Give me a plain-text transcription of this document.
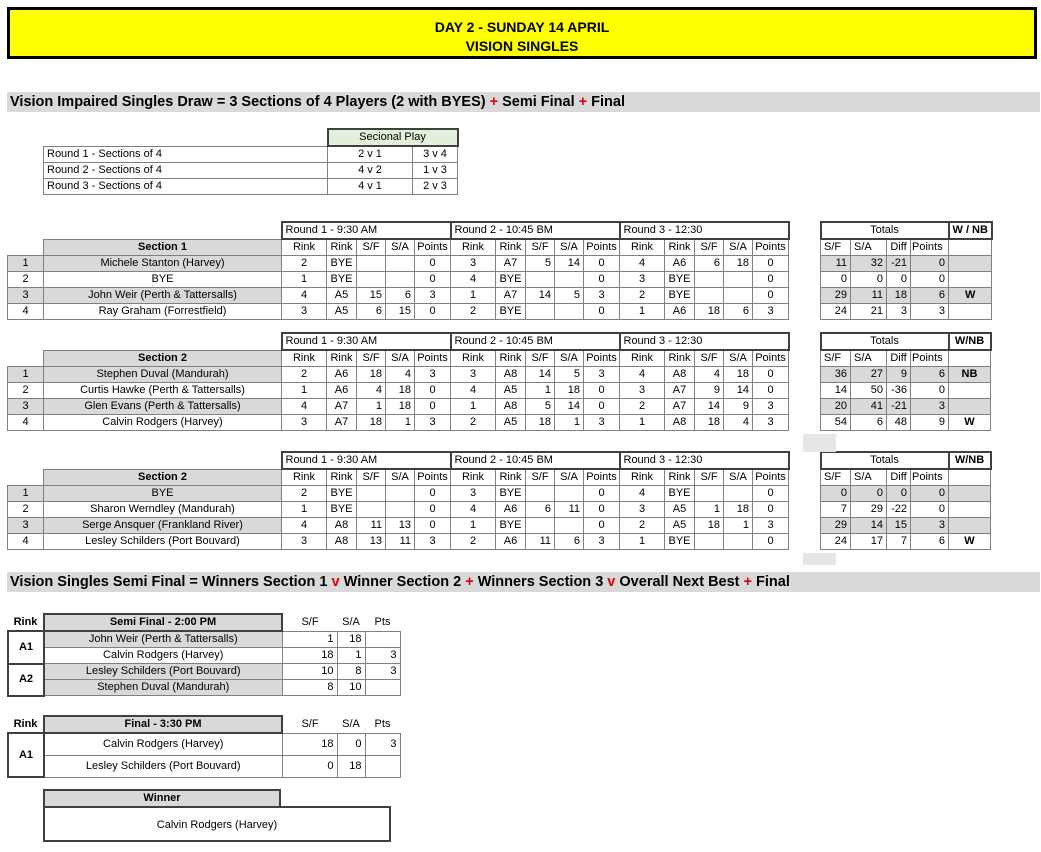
DAY 2 - SUNDAY 14 APRIL
VISION SINGLES
Vision Impaired Singles Draw = 3 Sections of 4 Players (2 with BYES) + Semi Final + Final
	Secional Play	
Round 1 - Sections of 4	2 v 1	3 v 4
Round 2 - Sections of 4	4 v 2	1 v 3
Round 3 - Sections of 4	4 v 1	2 v 3
		Round 1 - 9:30 AM					Round 2 - 10:45 BM					Round 3 - 12:30						Totals				W / NB
	Section 1	Rink	Rink	S/F	S/A	Points	Rink	Rink	S/F	S/A	Points	Rink	Rink	S/F	S/A	Points		S/F	S/A	Diff	Points	
1	Michele Stanton (Harvey)	2	BYE			0	3	A7	5	14	0	4	A6	6	18	0		11	32	-21	0	
2	BYE	1	BYE			0	4	BYE			0	3	BYE			0		0	0	0	0	
3	John Weir (Perth & Tattersalls)	4	A5	15	6	3	1	A7	14	5	3	2	BYE			0		29	11	18	6	W
4	Ray Graham (Forrestfield)	3	A5	6	15	0	2	BYE			0	1	A6	18	6	3		24	21	3	3	
		Round 1 - 9:30 AM					Round 2 - 10:45 BM					Round 3 - 12:30						Totals				W/NB
	Section 2	Rink	Rink	S/F	S/A	Points	Rink	Rink	S/F	S/A	Points	Rink	Rink	S/F	S/A	Points		S/F	S/A	Diff	Points	
1	Stephen Duval (Mandurah)	2	A6	18	4	3	3	A8	14	5	3	4	A8	4	18	0		36	27	9	6	NB
2	Curtis Hawke (Perth & Tattersalls)	1	A6	4	18	0	4	A5	1	18	0	3	A7	9	14	0		14	50	-36	0	
3	Glen Evans (Perth & Tattersalls)	4	A7	1	18	0	1	A8	5	14	0	2	A7	14	9	3		20	41	-21	3	
4	Calvin Rodgers (Harvey)	3	A7	18	1	3	2	A5	18	1	3	1	A8	18	4	3		54	6	48	9	W
		Round 1 - 9:30 AM					Round 2 - 10:45 BM					Round 3 - 12:30						Totals				W/NB
	Section 2	Rink	Rink	S/F	S/A	Points	Rink	Rink	S/F	S/A	Points	Rink	Rink	S/F	S/A	Points		S/F	S/A	Diff	Points	
1	BYE	2	BYE			0	3	BYE			0	4	BYE			0		0	0	0	0	
2	Sharon Werndley (Mandurah)	1	BYE			0	4	A6	6	11	0	3	A5	1	18	0		7	29	-22	0	
3	Serge Ansquer (Frankland River)	4	A8	11	13	0	1	BYE			0	2	A5	18	1	3		29	14	15	3	
4	Lesley Schilders (Port Bouvard)	3	A8	13	11	3	2	A6	11	6	3	1	BYE			0		24	17	7	6	W
Vision Singles Semi Final = Winners Section 1 v Winner Section 2 + Winners Section 3 v Overall Next Best + Final
Rink	Semi Final - 2:00 PM	S/F	S/A	Pts
A1	John Weir (Perth & Tattersalls)	1	18	
	Calvin Rodgers (Harvey)	18	1	3
A2	Lesley Schilders (Port Bouvard)	10	8	3
	Stephen Duval (Mandurah)	8	10	
Rink	Final - 3:30 PM	S/F	S/A	Pts
A1	Calvin Rodgers (Harvey)	18	0	3
	Lesley Schilders (Port Bouvard)	0	18	
Winner
Calvin Rodgers (Harvey)
